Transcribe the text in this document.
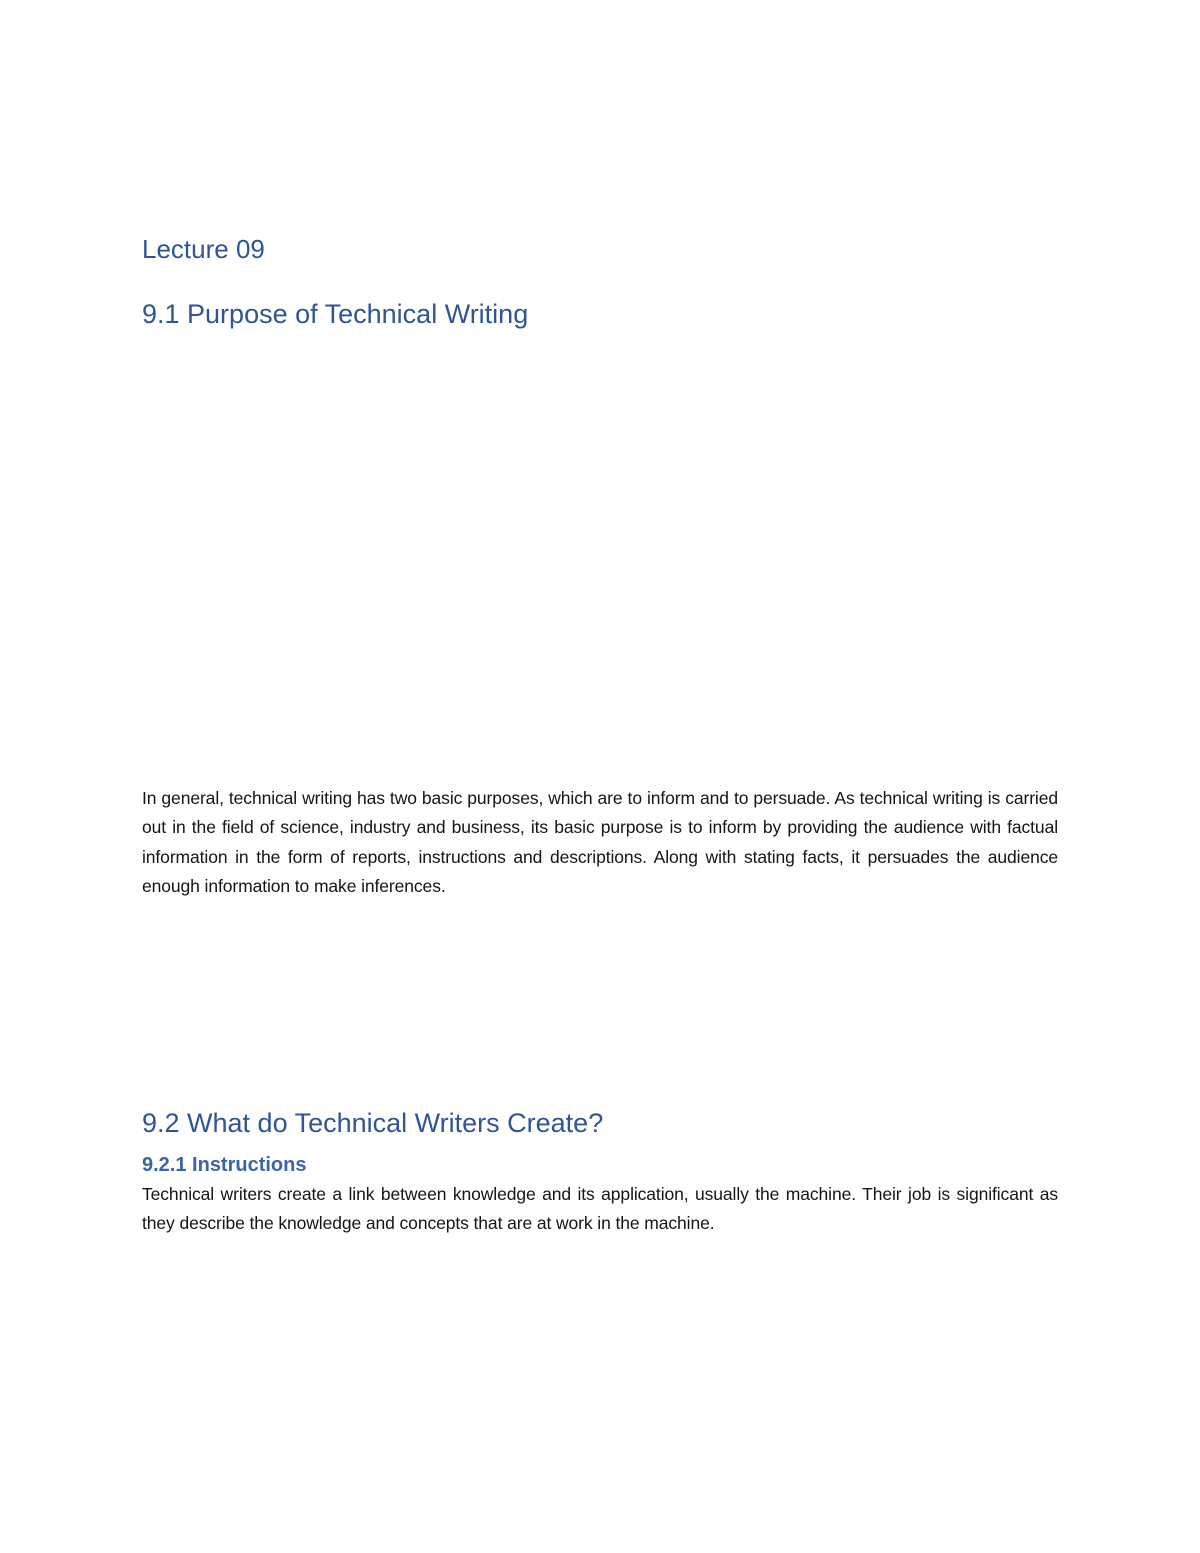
Lecture 09
9.1 Purpose of Technical Writing

In general, technical writing has two basic purposes, which are to inform and to persuade. As technical writing is carried out in the field of science, industry and business, its basic purpose is to inform by providing the audience with factual information in the form of reports, instructions and descriptions. Along with stating facts, it persuades the audience enough information to make inferences.

9.2 What do Technical Writers Create?
9.2.1 Instructions

Technical writers create a link between knowledge and its application, usually the machine. Their job is significant as they describe the knowledge and concepts that are at work in the machine.
